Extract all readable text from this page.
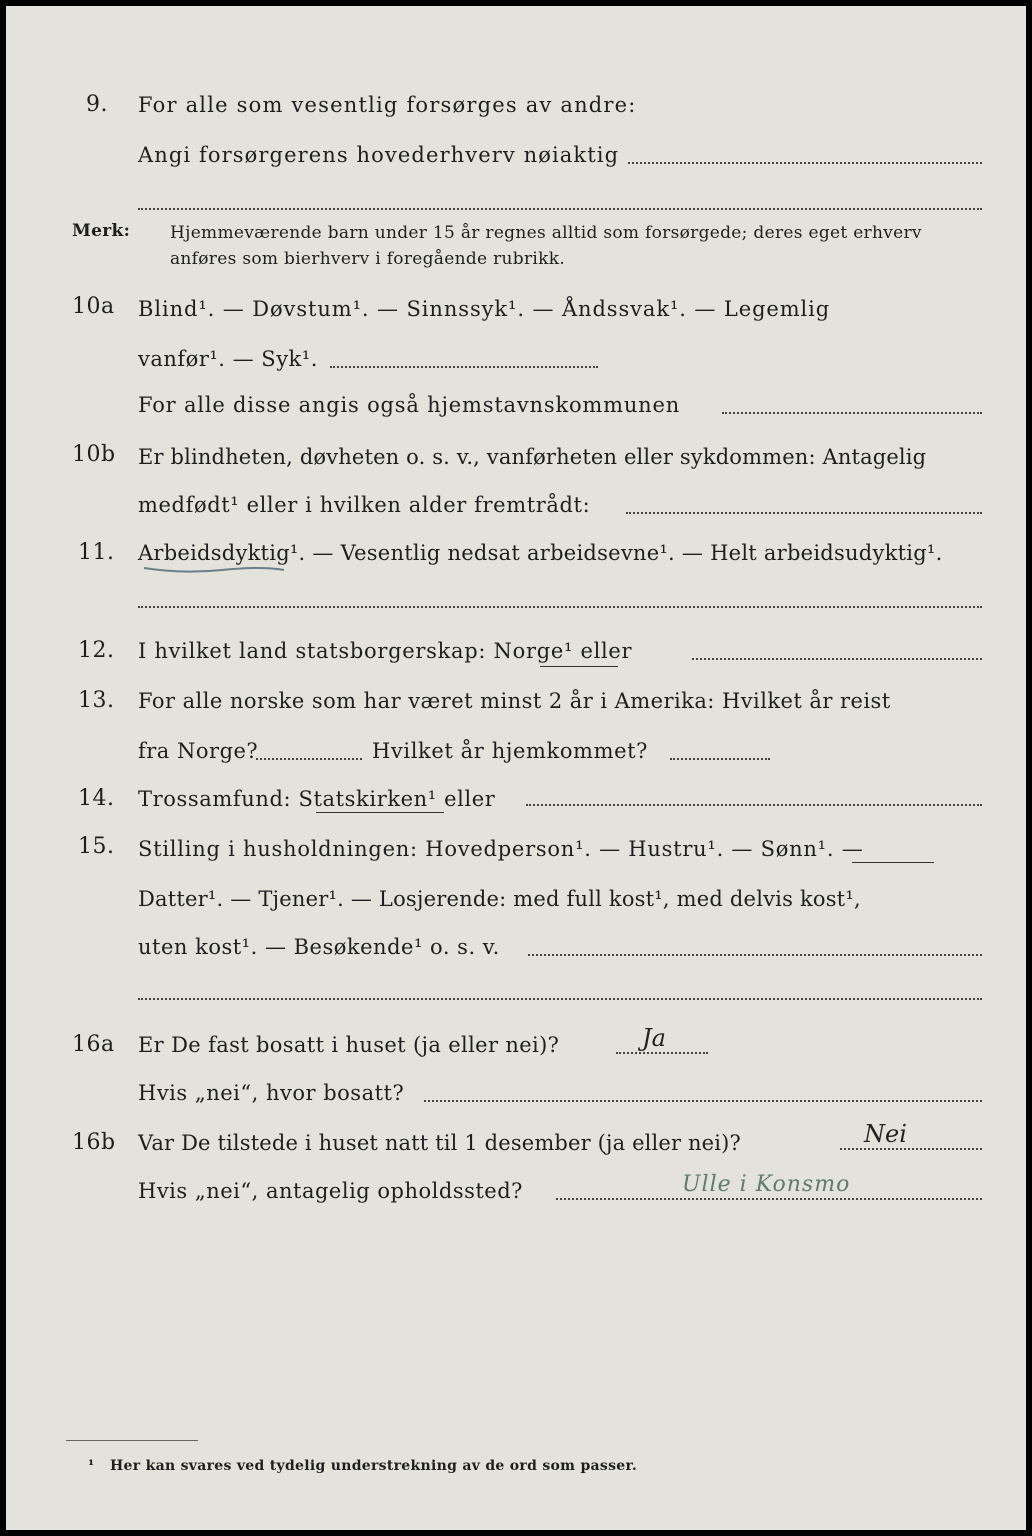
9. For alle som vesentlig forsørges av andre:
Angi forsørgerens hovederhverv nøiaktig
Merk: Hjemmeværende barn under 15 år regnes alltid som forsørgede; deres eget erhverv
anføres som bierhverv i foregående rubrikk.
10a Blind¹. — Døvstum¹. — Sinnssyk¹. — Åndssvak¹. — Legemlig
vanfør¹. — Syk¹.
For alle disse angis også hjemstavnskommunen
10b Er blindheten, døvheten o. s. v., vanførheten eller sykdommen: Antagelig
medfødt¹ eller i hvilken alder fremtrådt:
11. Arbeidsdyktig¹. — Vesentlig nedsat arbeidsevne¹. — Helt arbeidsudyktig¹.
12. I hvilket land statsborgerskap: Norge¹ eller
13. For alle norske som har været minst 2 år i Amerika: Hvilket år reist
fra Norge?	Hvilket år hjemkommet?
14. Trossamfund: Statskirken¹ eller
15. Stilling i husholdningen: Hovedperson¹. — Hustru¹. — Sønn¹. —
Datter¹. — Tjener¹. — Losjerende: med full kost¹, med delvis kost¹,
uten kost¹. — Besøkende¹ o. s. v.
16a Er De fast bosatt i huset (ja eller nei)?	Ja
Hvis „nei“, hvor bosatt?
16b Var De tilstede i huset natt til 1 desember (ja eller nei)?	Nei
Hvis „nei“, antagelig opholdssted?	Ulle i Konsmo
¹ Her kan svares ved tydelig understrekning av de ord som passer.
